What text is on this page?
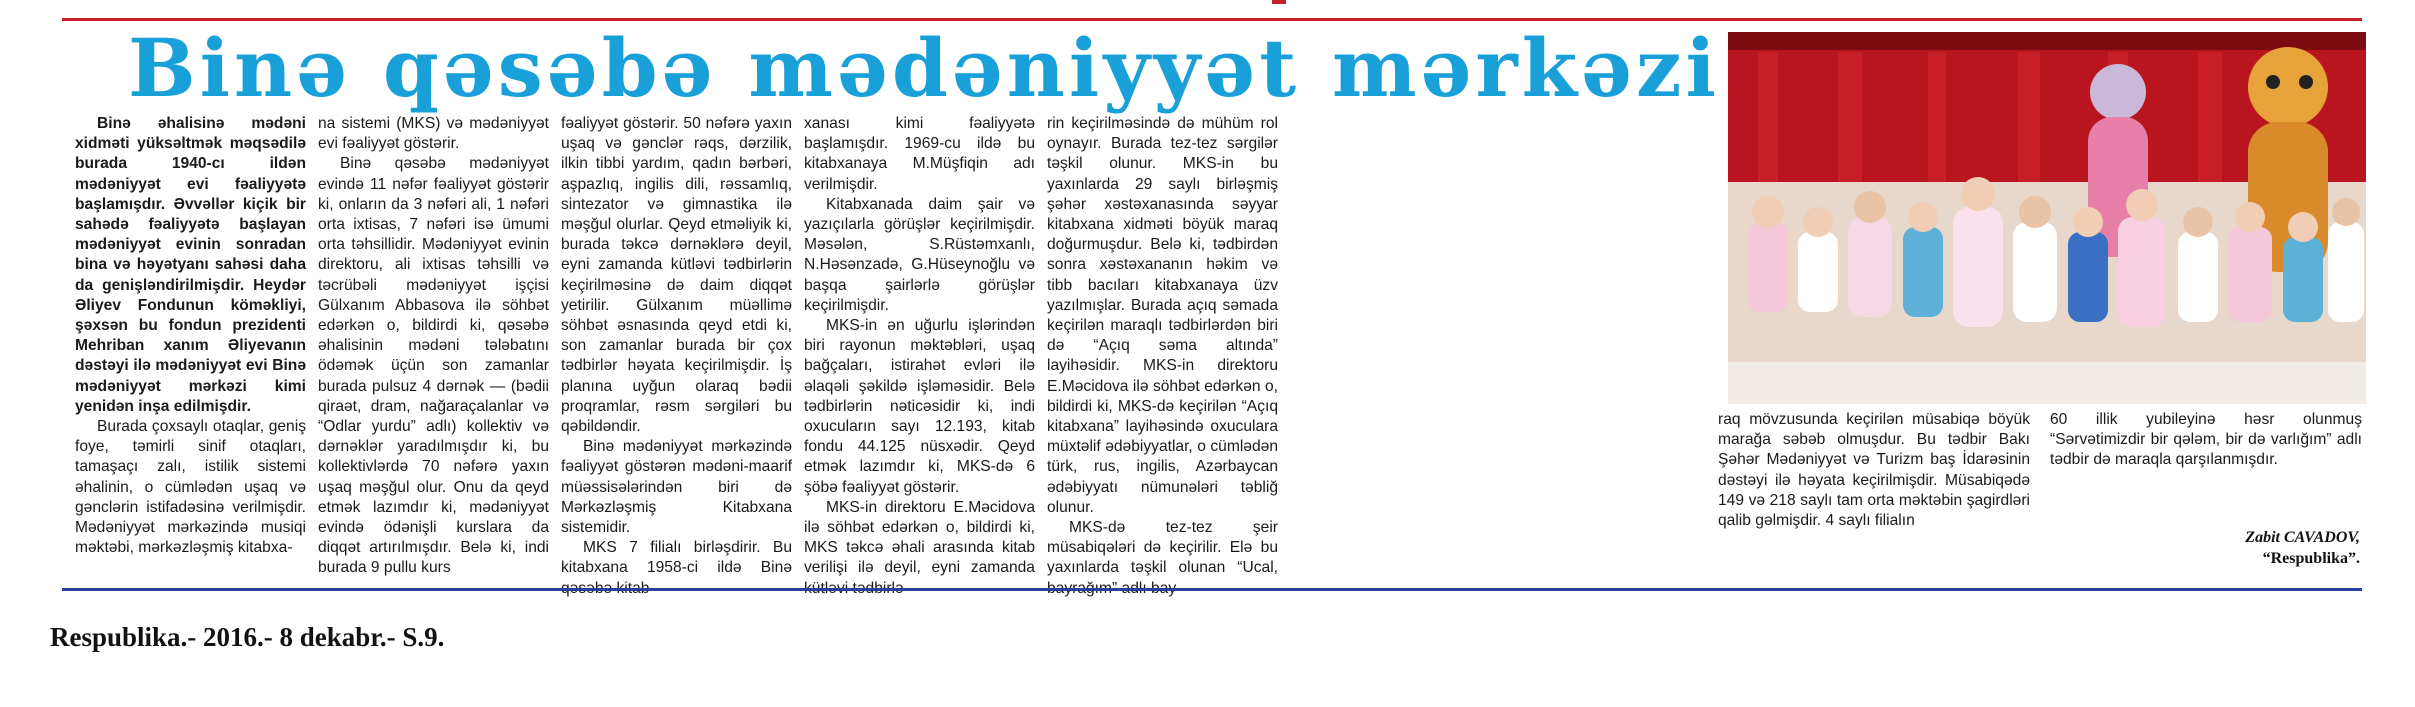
Binə qəsəbə mədəniyyət mərkəzi

Binə əhalisinə mədəni xidməti yüksəltmək məqsədilə burada 1940-cı ildən mədəniyyət evi fəaliyyətə başlamışdır. Əvvəllər kiçik bir sahədə fəaliyyətə başlayan mədəniyyət evinin sonradan bina və həyətyanı sahəsi daha da genişləndirilmişdir. Heydər Əliyev Fondunun köməkliyi, şəxsən bu fondun prezidenti Mehriban xanım Əliyevanın dəstəyi ilə mədəniyyət evi Binə mədəniyyət mərkəzi kimi yenidən inşa edilmişdir.

Burada çoxsaylı otaqlar, geniş foye, təmirli sinif otaqları, tamaşaçı zalı, istilik sistemi əhalinin, o cümlədən uşaq və gənclərin istifadəsinə verilmişdir. Mədəniyyət mərkəzində musiqi məktəbi, mərkəzləşmiş kitabxa-

na sistemi (MKS) və mədəniyyət evi fəaliyyət göstərir.

Binə qəsəbə mədəniyyət evində 11 nəfər fəaliyyət göstərir ki, onların da 3 nəfəri ali, 1 nəfəri orta ixtisas, 7 nəfəri isə ümumi orta təhsillidir. Mədəniyyət evinin direktoru, ali ixtisas təhsilli və təcrübəli mədəniyyət işçisi Gülxanım Abbasova ilə söhbət edərkən o, bildirdi ki, qəsəbə əhalisinin mədəni tələbatını ödəmək üçün son zamanlar burada pulsuz 4 dərnək — (bədii qiraət, dram, nağaraçalanlar və “Odlar yurdu” adlı) kollektiv və dərnəklər yaradılmışdır ki, bu kollektivlərdə 70 nəfərə yaxın uşaq məşğul olur. Onu da qeyd etmək lazımdır ki, mədəniyyət evində ödənişli kurslara da diqqət artırılmışdır. Belə ki, indi burada 9 pullu kurs

fəaliyyət göstərir. 50 nəfərə yaxın uşaq və gənclər rəqs, dərzilik, ilkin tibbi yardım, qadın bərbəri, aşpazlıq, ingilis dili, rəssamlıq, sintezator və gimnastika ilə məşğul olurlar. Qeyd etməliyik ki, burada təkcə dərnəklərə deyil, eyni zamanda kütləvi tədbirlərin keçirilməsinə də daim diqqət yetirilir. Gülxanım müəllimə söhbət əsnasında qeyd etdi ki, son zamanlar burada bir çox tədbirlər həyata keçirilmişdir. İş planına uyğun olaraq bədii proqramlar, rəsm sərgiləri bu qəbildəndir.

Binə mədəniyyət mərkəzində fəaliyyət göstərən mədəni-maarif müəssisələrindən biri də Mərkəzləşmiş Kitabxana sistemidir.

MKS 7 filialı birləşdirir. Bu kitabxana 1958-ci ildə Binə

xanası kimi fəaliyyətə başlamışdır. 1969-cu ildə bu kitabxanaya M.Müşfiqin adı verilmişdir.

Kitabxanada daim şair və yazıçılarla görüşlər keçirilmişdir. Məsələn, S.Rüstəmxanlı, N.Həsənzadə, G.Hüseynoğlu və başqa şairlərlə görüşlər keçirilmişdir.

MKS-in ən uğurlu işlərindən biri rayonun məktəbləri, uşaq bağçaları, istirahət evləri ilə əlaqəli şəkildə işləməsidir. Belə tədbirlərin nəticəsidir ki, indi oxucuların sayı 12.193, kitab fondu 44.125 nüsxədir. Qeyd etmək lazımdır ki, MKS-də 6 şöbə fəaliyyət göstərir.

MKS-in direktoru E.Məcidova ilə söhbət edərkən o, bildirdi ki, MKS təkcə əhali arasında kitab verilişi ilə deyil, eyni zamanda

rin keçirilməsində də mühüm rol oynayır. Burada tez-tez sərgilər təşkil olunur. MKS-in bu yaxınlarda 29 saylı birləşmiş şəhər xəstəxanasında səyyar kitabxana xidməti böyük maraq doğurmuşdur. Belə ki, tədbirdən sonra xəstəxananın həkim və tibb bacıları kitabxanaya üzv yazılmışlar. Burada açıq səmada keçirilən maraqlı tədbirlərdən biri də “Açıq səma altında” layihəsidir. MKS-in direktoru E.Məcidova ilə söhbət edərkən o, bildirdi ki, MKS-də keçirilən “Açıq kitabxana” layihəsində oxuculara müxtəlif ədəbiyyatlar, o cümlədən türk, rus, ingilis, Azərbaycan ədəbiyyatı nümunələri təbliğ olunur.

MKS-də tez-tez şeir müsabiqələri də keçirilir. Elə bu yaxınlarda təşkil olunan “Ucal,

raq mövzusunda keçirilən müsabiqə böyük marağa səbəb olmuşdur. Bu tədbir Bakı Şəhər Mədəniyyət və Turizm baş İdarəsinin dəstəyi ilə həyata keçirilmişdir. Müsabiqədə 149 və 218 saylı tam orta məktəbin şagirdləri qalib gəlmişdir. 4 saylı filialın

60 illik yubileyinə həsr olunmuş “Sərvətimizdir bir qələm, bir də varlığım” adlı tədbir də maraqla qarşılanmışdır.

Zabit CAVADOV,
“Respublika”.
Respublika.- 2016.- 8 dekabr.- S.9.
